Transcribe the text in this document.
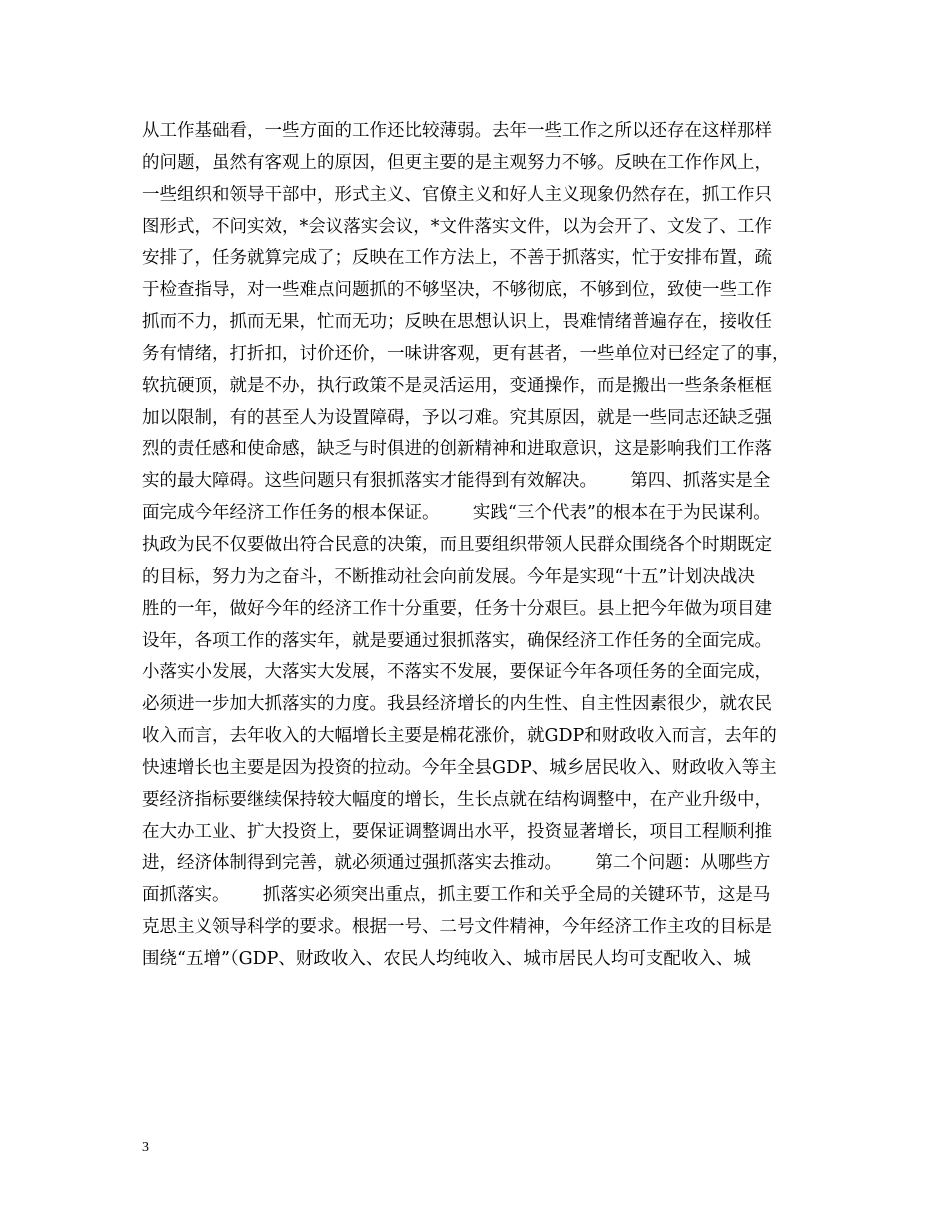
从工作基础看，一些方面的工作还比较薄弱。去年一些工作之所以还存在这样那样
的问题，虽然有客观上的原因，但更主要的是主观努力不够。反映在工作作风上，
一些组织和领导干部中，形式主义、官僚主义和好人主义现象仍然存在，抓工作只
图形式，不问实效，*会议落实会议，*文件落实文件，以为会开了、文发了、工作
安排了，任务就算完成了；反映在工作方法上，不善于抓落实，忙于安排布置，疏
于检查指导，对一些难点问题抓的不够坚决，不够彻底，不够到位，致使一些工作
抓而不力，抓而无果，忙而无功；反映在思想认识上，畏难情绪普遍存在，接收任
务有情绪，打折扣，讨价还价，一味讲客观，更有甚者，一些单位对已经定了的事，
软抗硬顶，就是不办，执行政策不是灵活运用，变通操作，而是搬出一些条条框框
加以限制，有的甚至人为设置障碍，予以刁难。究其原因，就是一些同志还缺乏强
烈的责任感和使命感，缺乏与时俱进的创新精神和进取意识，这是影响我们工作落
实的最大障碍。这些问题只有狠抓落实才能得到有效解决。      第四、抓落实是全
面完成今年经济工作任务的根本保证。      实践“三个代表”的根本在于为民谋利。
执政为民不仅要做出符合民意的决策，而且要组织带领人民群众围绕各个时期既定
的目标，努力为之奋斗，不断推动社会向前发展。今年是实现“十五”计划决战决
胜的一年，做好今年的经济工作十分重要，任务十分艰巨。县上把今年做为项目建
设年，各项工作的落实年，就是要通过狠抓落实，确保经济工作任务的全面完成。
小落实小发展，大落实大发展，不落实不发展，要保证今年各项任务的全面完成，
必须进一步加大抓落实的力度。我县经济增长的内生性、自主性因素很少，就农民
收入而言，去年收入的大幅增长主要是棉花涨价，就GDP和财政收入而言，去年的
快速增长也主要是因为投资的拉动。今年全县GDP、城乡居民收入、财政收入等主
要经济指标要继续保持较大幅度的增长，生长点就在结构调整中，在产业升级中，
在大办工业、扩大投资上，要保证调整调出水平，投资显著增长，项目工程顺利推
进，经济体制得到完善，就必须通过强抓落实去推动。      第二个问题：从哪些方
面抓落实。      抓落实必须突出重点，抓主要工作和关乎全局的关键环节，这是马
克思主义领导科学的要求。根据一号、二号文件精神，今年经济工作主攻的目标是
围绕“五增”（GDP、财政收入、农民人均纯收入、城市居民人均可支配收入、城
3
